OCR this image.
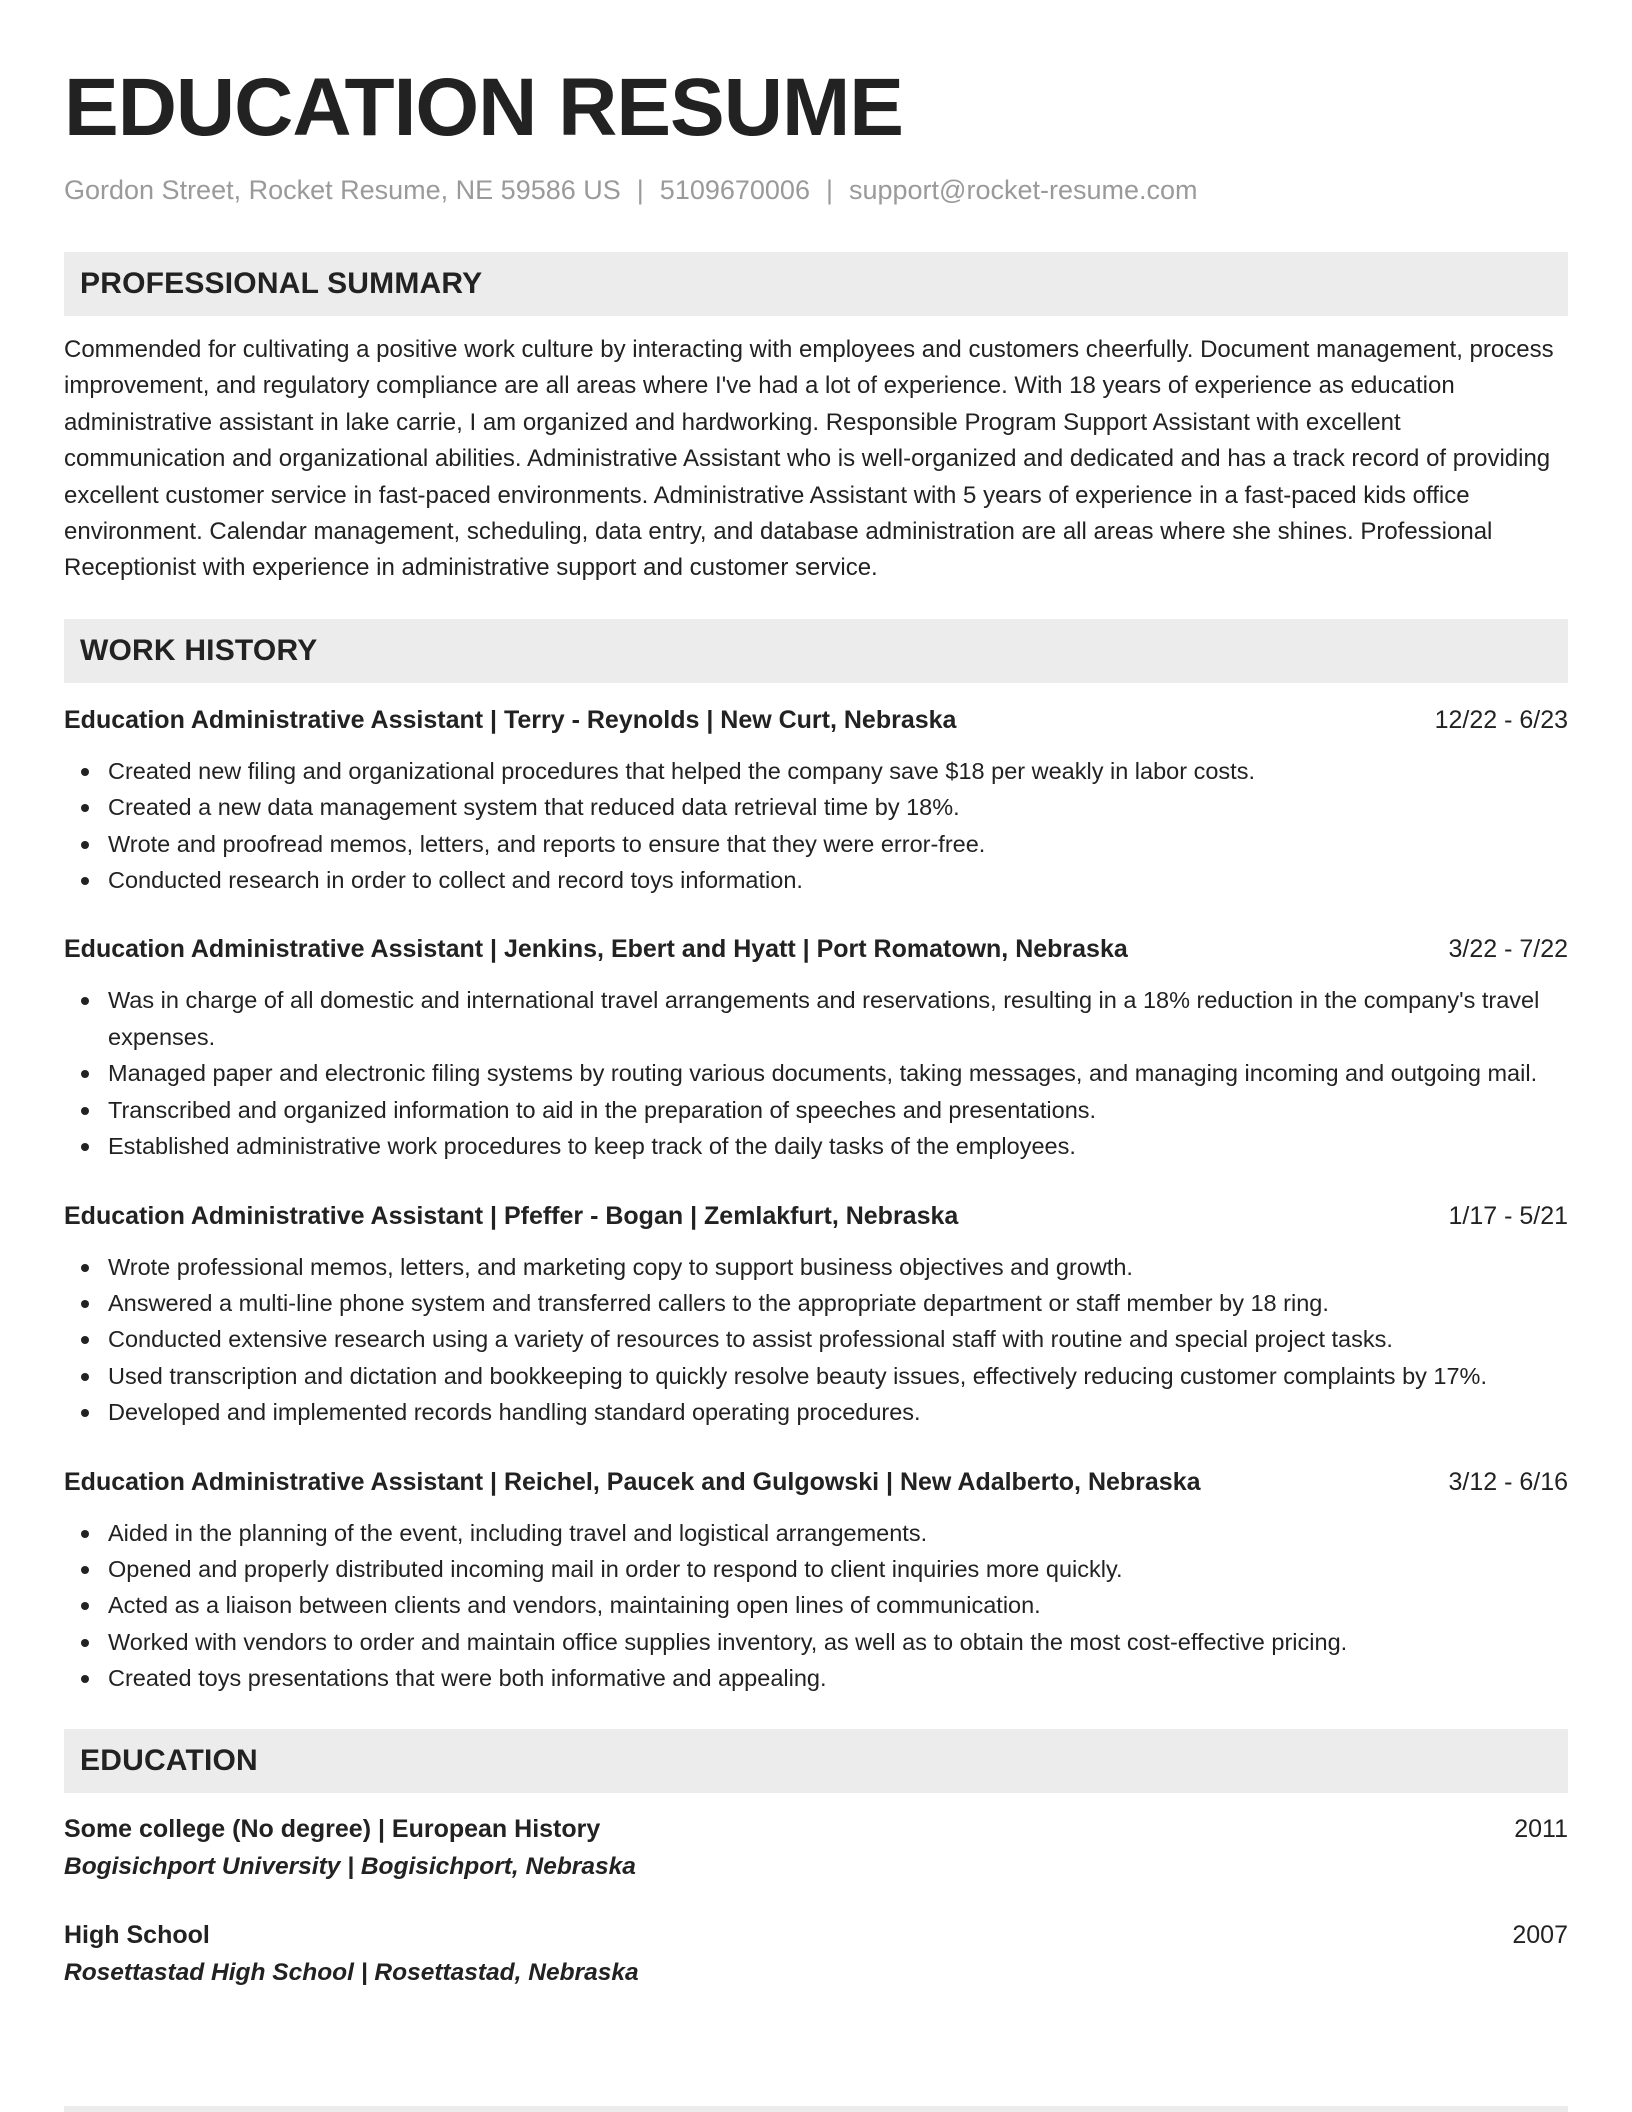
EDUCATION RESUME
Gordon Street, Rocket Resume, NE 59586 US | 5109670006 | support@rocket-resume.com
PROFESSIONAL SUMMARY

Commended for cultivating a positive work culture by interacting with employees and customers cheerfully. Document management, process improvement, and regulatory compliance are all areas where I've had a lot of experience. With 18 years of experience as education administrative assistant in lake carrie, I am organized and hardworking. Responsible Program Support Assistant with excellent communication and organizational abilities. Administrative Assistant who is well-organized and dedicated and has a track record of providing excellent customer service in fast-paced environments. Administrative Assistant with 5 years of experience in a fast-paced kids office environment. Calendar management, scheduling, data entry, and database administration are all areas where she shines. Professional Receptionist with experience in administrative support and customer service.

WORK HISTORY
Education Administrative Assistant | Terry - Reynolds | New Curt, Nebraska	12/22 - 6/23
Created new filing and organizational procedures that helped the company save $18 per weakly in labor costs.
Created a new data management system that reduced data retrieval time by 18%.
Wrote and proofread memos, letters, and reports to ensure that they were error-free.
Conducted research in order to collect and record toys information.
Education Administrative Assistant | Jenkins, Ebert and Hyatt | Port Romatown, Nebraska	3/22 - 7/22
Was in charge of all domestic and international travel arrangements and reservations, resulting in a 18% reduction in the company's travel expenses.
Managed paper and electronic filing systems by routing various documents, taking messages, and managing incoming and outgoing mail.
Transcribed and organized information to aid in the preparation of speeches and presentations.
Established administrative work procedures to keep track of the daily tasks of the employees.
Education Administrative Assistant | Pfeffer - Bogan | Zemlakfurt, Nebraska	1/17 - 5/21
Wrote professional memos, letters, and marketing copy to support business objectives and growth.
Answered a multi-line phone system and transferred callers to the appropriate department or staff member by 18 ring.
Conducted extensive research using a variety of resources to assist professional staff with routine and special project tasks.
Used transcription and dictation and bookkeeping to quickly resolve beauty issues, effectively reducing customer complaints by 17%.
Developed and implemented records handling standard operating procedures.
Education Administrative Assistant | Reichel, Paucek and Gulgowski | New Adalberto, Nebraska	3/12 - 6/16
Aided in the planning of the event, including travel and logistical arrangements.
Opened and properly distributed incoming mail in order to respond to client inquiries more quickly.
Acted as a liaison between clients and vendors, maintaining open lines of communication.
Worked with vendors to order and maintain office supplies inventory, as well as to obtain the most cost-effective pricing.
Created toys presentations that were both informative and appealing.
EDUCATION
Some college (No degree) | European History	2011
Bogisichport University | Bogisichport, Nebraska
High School	2007
Rosettastad High School | Rosettastad, Nebraska
